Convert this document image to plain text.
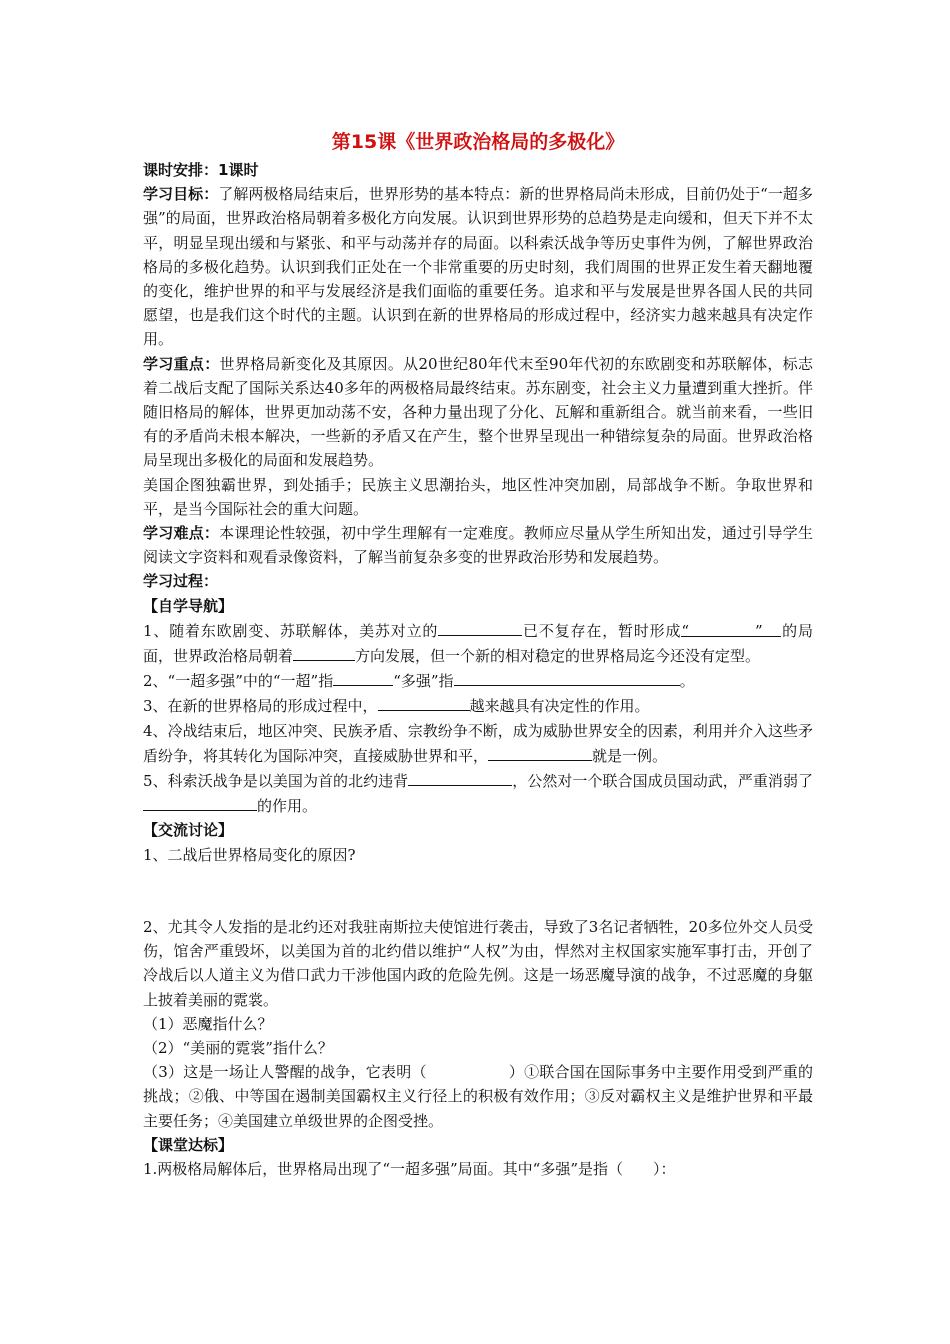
第15课《世界政治格局的多极化》

课时安排：1课时

学习目标：了解两极格局结束后，世界形势的基本特点：新的世界格局尚未形成，目前仍处于“一超多强”的局面，世界政治格局朝着多极化方向发展。认识到世界形势的总趋势是走向缓和，但天下并不太平，明显呈现出缓和与紧张、和平与动荡并存的局面。以科索沃战争等历史事件为例，了解世界政治格局的多极化趋势。认识到我们正处在一个非常重要的历史时刻，我们周围的世界正发生着天翻地覆的变化，维护世界的和平与发展经济是我们面临的重要任务。追求和平与发展是世界各国人民的共同愿望，也是我们这个时代的主题。认识到在新的世界格局的形成过程中，经济实力越来越具有决定作用。

学习重点：世界格局新变化及其原因。从20世纪80年代末至90年代初的东欧剧变和苏联解体，标志着二战后支配了国际关系达40多年的两极格局最终结束。苏东剧变，社会主义力量遭到重大挫折。伴随旧格局的解体，世界更加动荡不安，各种力量出现了分化、瓦解和重新组合。就当前来看，一些旧有的矛盾尚未根本解决，一些新的矛盾又在产生，整个世界呈现出一种错综复杂的局面。世界政治格局呈现出多极化的局面和发展趋势。

美国企图独霸世界，到处插手；民族主义思潮抬头，地区性冲突加剧，局部战争不断。争取世界和平，是当今国际社会的重大问题。

学习难点：本课理论性较强，初中学生理解有一定难度。教师应尽量从学生所知出发，通过引导学生阅读文字资料和观看录像资料，了解当前复杂多变的世界政治形势和发展趋势。

学习过程：

【自学导航】

1、随着东欧剧变、苏联解体，美苏对立的	已不复存在，暂时形成“	” 的局面，世界政治格局朝着	方向发展，但一个新的相对稳定的世界格局迄今还没有定型。

2、“一超多强”中的“一超”指	“多强”指	。

3、在新的世界格局的形成过程中，	越来越具有决定性的作用。

4、冷战结束后，地区冲突、民族矛盾、宗教纷争不断，成为威胁世界安全的因素，利用并介入这些矛盾纷争，将其转化为国际冲突，直接威胁世界和平，	就是一例。

5、科索沃战争是以美国为首的北约违背	，公然对一个联合国成员国动武，严重消弱了的作用。

【交流讨论】

1、二战后世界格局变化的原因?

2、尤其令人发指的是北约还对我驻南斯拉夫使馆进行袭击，导致了3名记者牺牲，20多位外交人员受伤，馆舍严重毁坏，以美国为首的北约借以维护“人权”为由，悍然对主权国家实施军事打击，开创了冷战后以人道主义为借口武力干涉他国内政的危险先例。这是一场恶魔导演的战争，不过恶魔的身躯上披着美丽的霓裳。

（1）恶魔指什么？

（2）“美丽的霓裳”指什么？

（3）这是一场让人警醒的战争，它表明（	）①联合国在国际事务中主要作用受到严重的挑战；②俄、中等国在遏制美国霸权主义行径上的积极有效作用；③反对霸权主义是维护世界和平最主要任务；④美国建立单级世界的企图受挫。

【课堂达标】

1.两极格局解体后，世界格局出现了“一超多强”局面。其中“多强”是指（　　）：
